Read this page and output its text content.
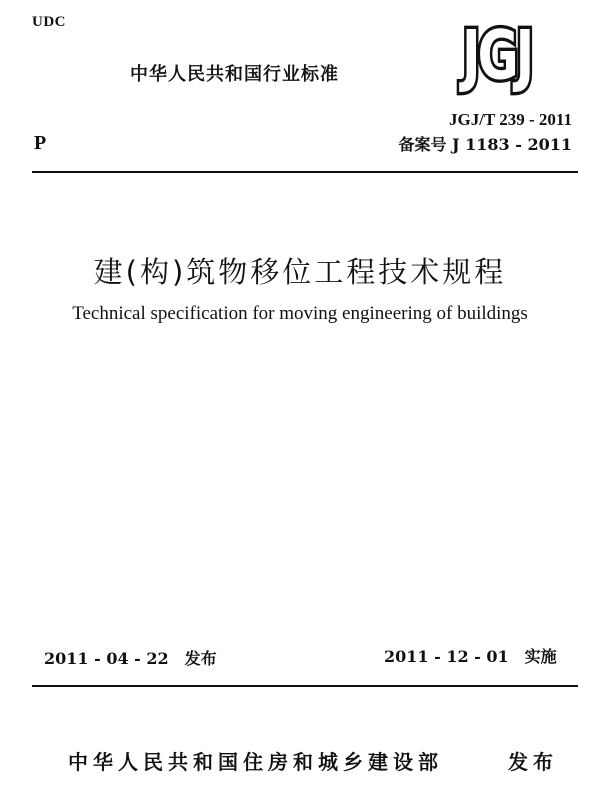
UDC
中华人民共和国行业标准 JGJ
P
JGJ/T 239 - 2011
备案号 J 1183 - 2011
建(构)筑物移位工程技术规程
Technical specification for moving engineering of buildings
2011 - 04 - 22　发布	2011 - 12 - 01　实施
中华人民共和国住房和城乡建设部	发布
